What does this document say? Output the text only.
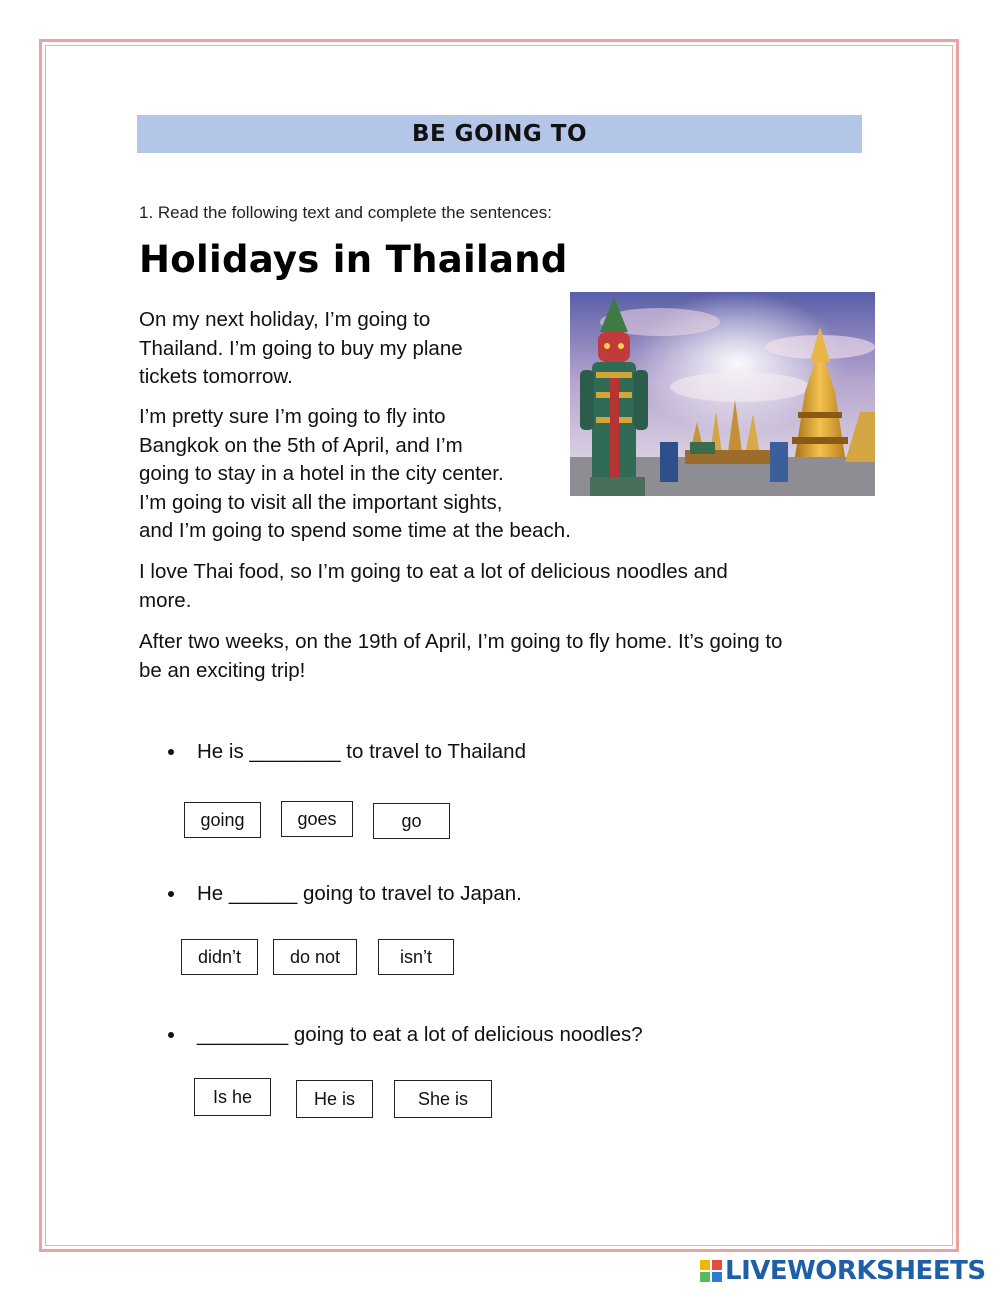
BE GOING TO
1. Read the following text and complete the sentences:
Holidays in Thailand

On my next holiday, I’m going to
Thailand. I’m going to buy my plane
tickets tomorrow.

I’m pretty sure I’m going to fly into
Bangkok on the 5th of April, and I’m
going to stay in a hotel in the city center.
I’m going to visit all the important sights,
and I’m going to spend some time at the beach.

I love Thai food, so I’m going to eat a lot of delicious noodles and
more.

After two weeks, on the 19th of April, I’m going to fly home. It’s going to
be an exciting trip!

He is ________ to travel to Thailand
going	goes	go
He ______ going to travel to Japan.
didn’t	do not	isn’t
________ going to eat a lot of delicious noodles?
Is he	He is	She is
LIVEWORKSHEETS
